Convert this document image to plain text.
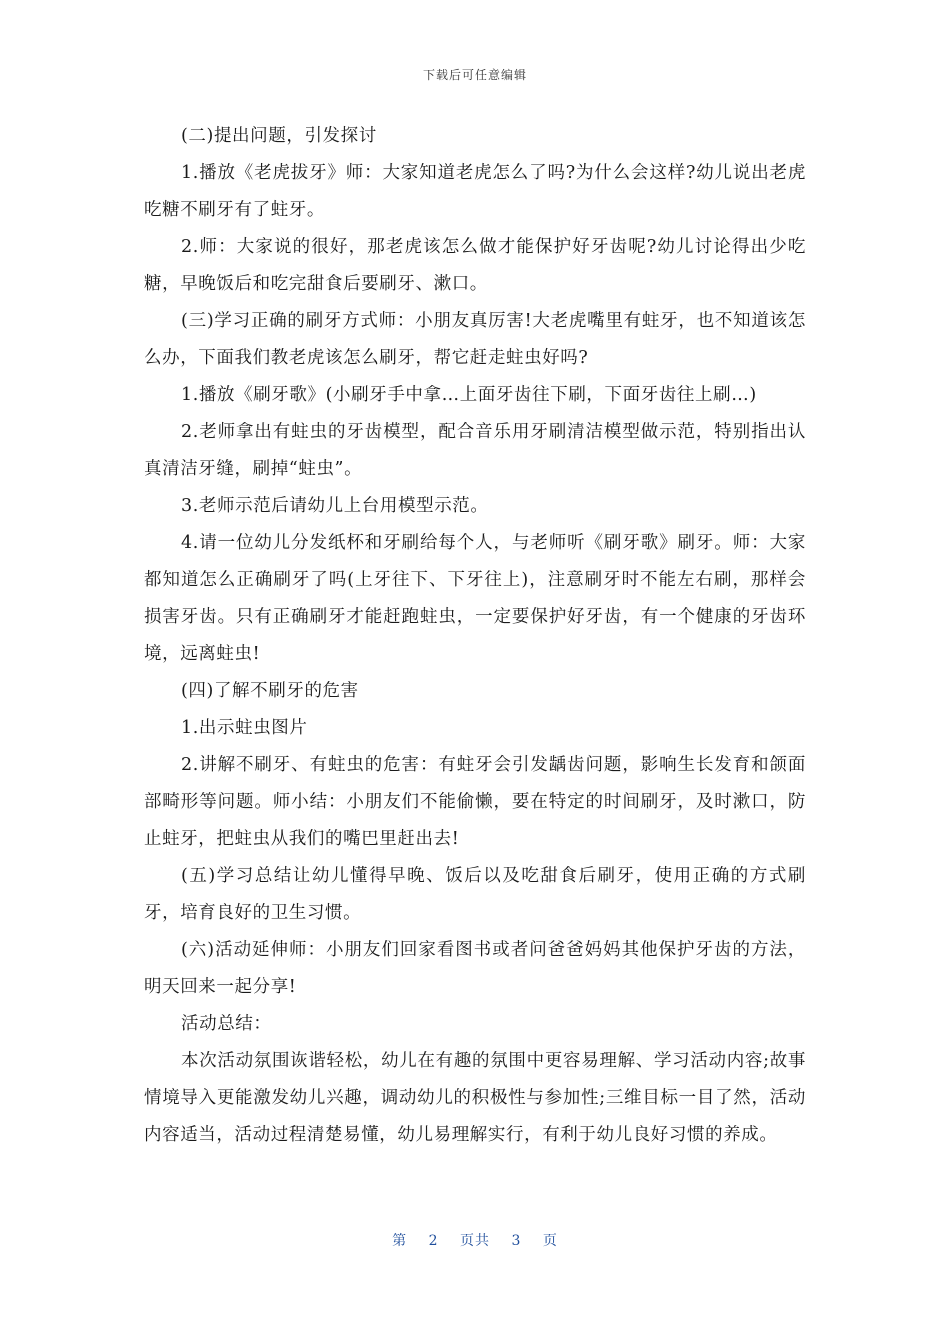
下载后可任意编辑

(二)提出问题，引发探讨

1.播放《老虎拔牙》师：大家知道老虎怎么了吗?为什么会这样?幼儿说出老虎吃糖不刷牙有了蛀牙。

2.师：大家说的很好，那老虎该怎么做才能保护好牙齿呢?幼儿讨论得出少吃糖，早晚饭后和吃完甜食后要刷牙、漱口。

(三)学习正确的刷牙方式师：小朋友真厉害!大老虎嘴里有蛀牙，也不知道该怎么办，下面我们教老虎该怎么刷牙，帮它赶走蛀虫好吗?

1.播放《刷牙歌》(小刷牙手中拿…上面牙齿往下刷，下面牙齿往上刷…)

2.老师拿出有蛀虫的牙齿模型，配合音乐用牙刷清洁模型做示范，特别指出认真清洁牙缝，刷掉“蛀虫”。

3.老师示范后请幼儿上台用模型示范。

4.请一位幼儿分发纸杯和牙刷给每个人，与老师听《刷牙歌》刷牙。师：大家都知道怎么正确刷牙了吗(上牙往下、下牙往上)，注意刷牙时不能左右刷，那样会损害牙齿。只有正确刷牙才能赶跑蛀虫，一定要保护好牙齿，有一个健康的牙齿环境，远离蛀虫!

(四)了解不刷牙的危害

1.出示蛀虫图片

2.讲解不刷牙、有蛀虫的危害：有蛀牙会引发龋齿问题，影响生长发育和颌面部畸形等问题。师小结：小朋友们不能偷懒，要在特定的时间刷牙，及时漱口，防止蛀牙，把蛀虫从我们的嘴巴里赶出去!

(五)学习总结让幼儿懂得早晚、饭后以及吃甜食后刷牙，使用正确的方式刷牙，培育良好的卫生习惯。

(六)活动延伸师：小朋友们回家看图书或者问爸爸妈妈其他保护牙齿的方法，明天回来一起分享!

活动总结：

本次活动氛围诙谐轻松，幼儿在有趣的氛围中更容易理解、学习活动内容;故事情境导入更能激发幼儿兴趣，调动幼儿的积极性与参加性;三维目标一目了然，活动内容适当，活动过程清楚易懂，幼儿易理解实行，有利于幼儿良好习惯的养成。

第 2 页共 3 页
